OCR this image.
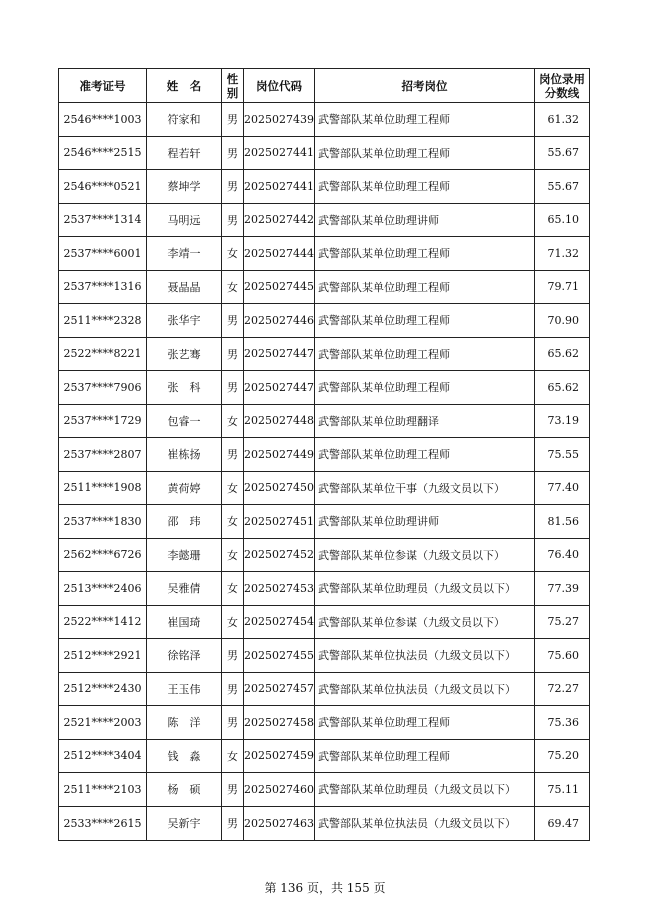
准考证号	姓　名	性别	岗位代码	招考岗位	岗位录用分数线
2546****1003	符家和	男	2025027439	武警部队某单位助理工程师	61.32
2546****2515	程若轩	男	2025027441	武警部队某单位助理工程师	55.67
2546****0521	蔡坤学	男	2025027441	武警部队某单位助理工程师	55.67
2537****1314	马明远	男	2025027442	武警部队某单位助理讲师	65.10
2537****6001	李靖一	女	2025027444	武警部队某单位助理工程师	71.32
2537****1316	聂晶晶	女	2025027445	武警部队某单位助理工程师	79.71
2511****2328	张华宇	男	2025027446	武警部队某单位助理工程师	70.90
2522****8221	张艺骞	男	2025027447	武警部队某单位助理工程师	65.62
2537****7906	张　科	男	2025027447	武警部队某单位助理工程师	65.62
2537****1729	包睿一	女	2025027448	武警部队某单位助理翻译	73.19
2537****2807	崔栋扬	男	2025027449	武警部队某单位助理工程师	75.55
2511****1908	黄荷婷	女	2025027450	武警部队某单位干事（九级文员以下）	77.40
2537****1830	邵　玮	女	2025027451	武警部队某单位助理讲师	81.56
2562****6726	李懿珊	女	2025027452	武警部队某单位参谋（九级文员以下）	76.40
2513****2406	吴雅倩	女	2025027453	武警部队某单位助理员（九级文员以下）	77.39
2522****1412	崔国琦	女	2025027454	武警部队某单位参谋（九级文员以下）	75.27
2512****2921	徐铭泽	男	2025027455	武警部队某单位执法员（九级文员以下）	75.60
2512****2430	王玉伟	男	2025027457	武警部队某单位执法员（九级文员以下）	72.27
2521****2003	陈　洋	男	2025027458	武警部队某单位助理工程师	75.36
2512****3404	钱　淼	女	2025027459	武警部队某单位助理工程师	75.20
2511****2103	杨　硕	男	2025027460	武警部队某单位助理员（九级文员以下）	75.11
2533****2615	吴新宇	男	2025027463	武警部队某单位执法员（九级文员以下）	69.47
第 136 页，共 155 页
